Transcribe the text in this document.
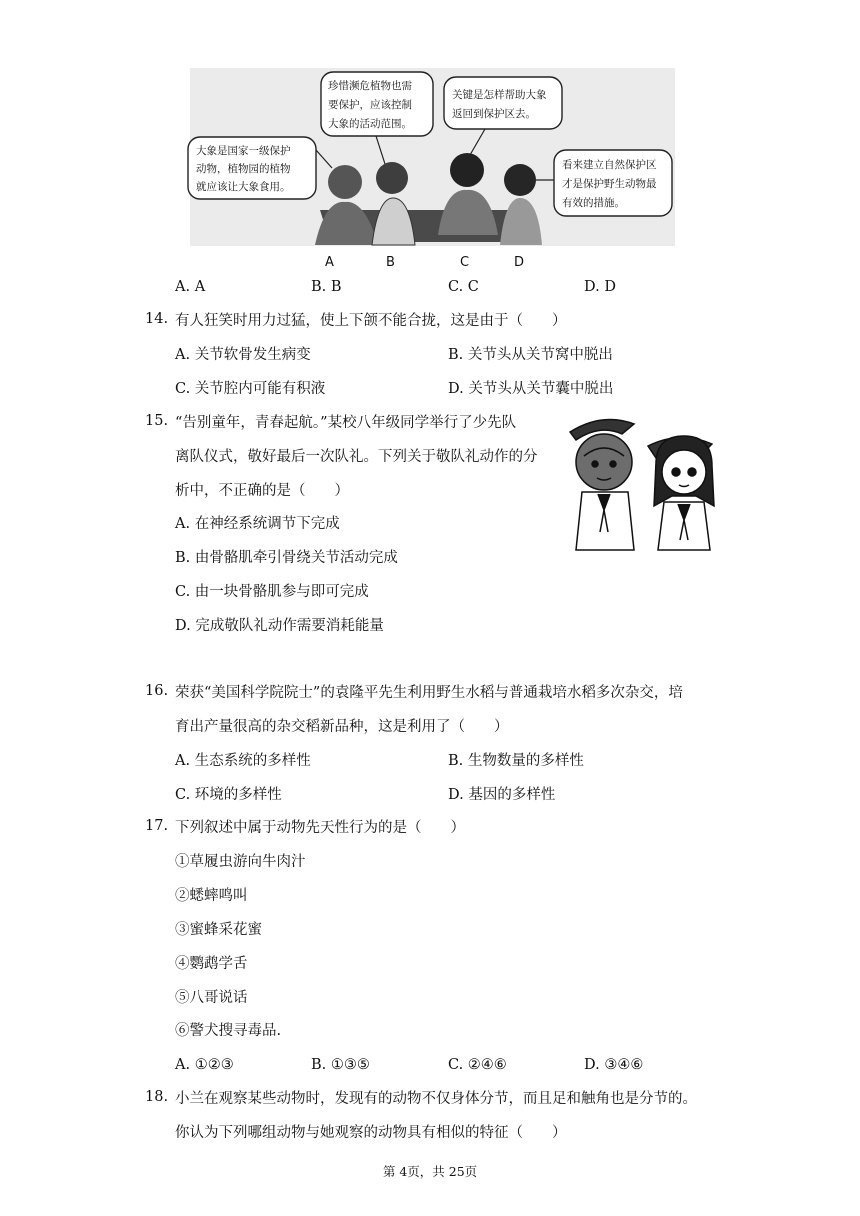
大象是国家一级保护 动物，植物园的植物 就应该让大象食用。
珍惜濒危植物也需 要保护，应该控制 大象的活动范围。
关键是怎样帮助大象 返回到保护区去。
看来建立自然保护区 才是保护野生动物最 有效的措施。
A	B	C	D
A. A	B. B	C. C	D. D
14. 有人狂笑时用力过猛，使上下颌不能合拢，这是由于（　　）
A. 关节软骨发生病变	B. 关节头从关节窝中脱出
C. 关节腔内可能有积液	D. 关节头从关节囊中脱出
15. “告别童年，青春起航。”某校八年级同学举行了少先队
离队仪式，敬好最后一次队礼。下列关于敬队礼动作的分
析中，不正确的是（　　）
A. 在神经系统调节下完成
B. 由骨骼肌牵引骨绕关节活动完成
C. 由一块骨骼肌参与即可完成
D. 完成敬队礼动作需要消耗能量
16. 荣获“美国科学院院士”的袁隆平先生利用野生水稻与普通栽培水稻多次杂交，培
育出产量很高的杂交稻新品种，这是利用了（　　）
A. 生态系统的多样性	B. 生物数量的多样性
C. 环境的多样性	D. 基因的多样性
17. 下列叙述中属于动物先天性行为的是（　　）
①草履虫游向牛肉汁
②蟋蟀鸣叫
③蜜蜂采花蜜
④鹦鹉学舌
⑤八哥说话
⑥警犬搜寻毒品.
A. ①②③	B. ①③⑤	C. ②④⑥	D. ③④⑥
18. 小兰在观察某些动物时，发现有的动物不仅身体分节，而且足和触角也是分节的。
你认为下列哪组动物与她观察的动物具有相似的特征（　　）
第 4页，共 25页
